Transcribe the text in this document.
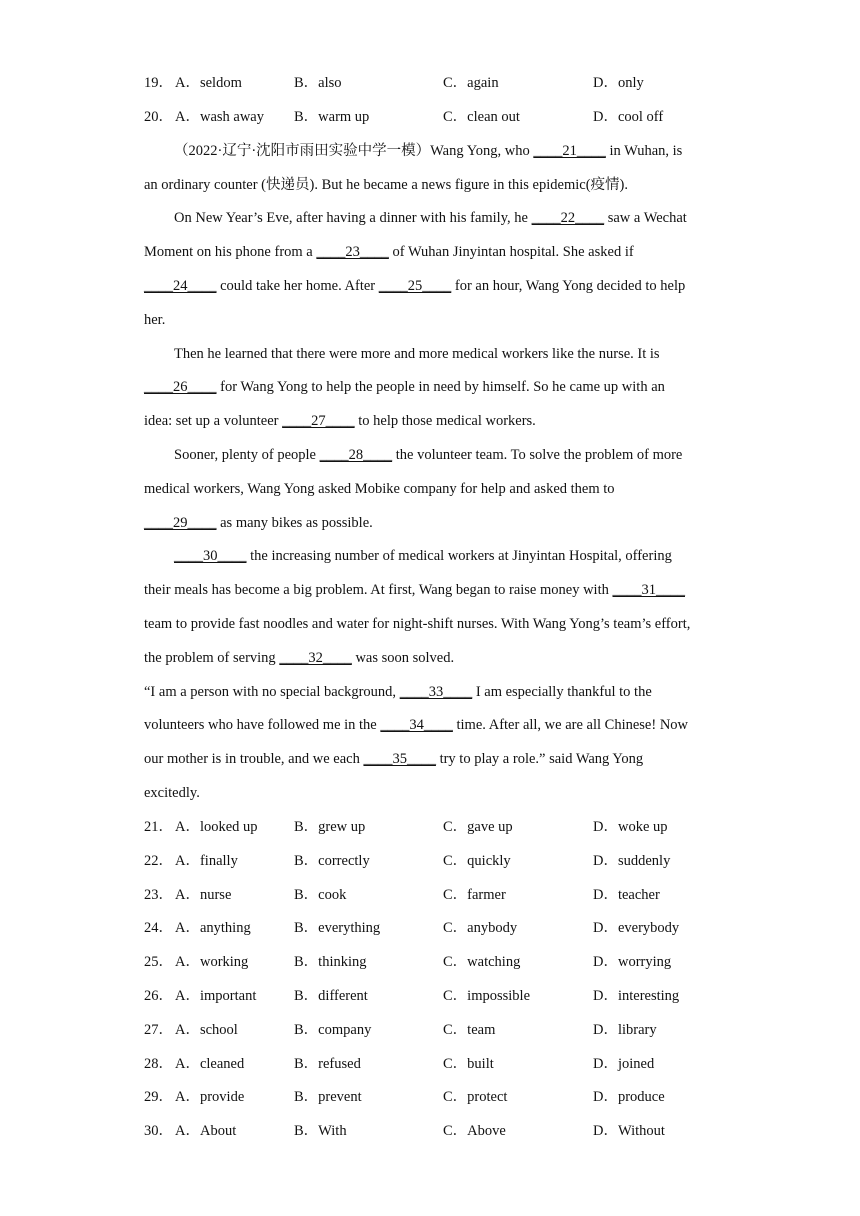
19． A．seldom	B．also	C．again	D．only
20． A．wash away B．warm up	C．clean out	D．cool off
（2022·辽宁·沈阳市雨田实验中学一模）Wang Yong, who ____21____ in Wuhan, is
an ordinary counter (快递员). But he became a news figure in this epidemic(疫情).
On New Year’s Eve, after having a dinner with his family, he ____22____ saw a Wechat
Moment on his phone from a ____23____ of Wuhan Jinyintan hospital. She asked if
____24____ could take her home. After ____25____ for an hour, Wang Yong decided to help
her.
Then he learned that there were more and more medical workers like the nurse. It is
____26____ for Wang Yong to help the people in need by himself. So he came up with an
idea: set up a volunteer ____27____ to help those medical workers.
Sooner, plenty of people ____28____ the volunteer team. To solve the problem of more
medical workers, Wang Yong asked Mobike company for help and asked them to
____29____ as many bikes as possible.
____30____ the increasing number of medical workers at Jinyintan Hospital, offering
their meals has become a big problem. At first, Wang began to raise money with ____31____
team to provide fast noodles and water for night-shift nurses. With Wang Yong’s team’s effort,
the problem of serving ____32____ was soon solved.
“I am a person with no special background, ____33____ I am especially thankful to the
volunteers who have followed me in the ____34____ time. After all, we are all Chinese! Now
our mother is in trouble, and we each ____35____ try to play a role.” said Wang Yong
excitedly.
21． A．looked up	B．grew up	C．gave up	D．woke up
22． A．finally	B．correctly	C．quickly	D．suddenly
23． A．nurse	B．cook	C．farmer	D．teacher
24． A．anything	B．everything	C．anybody	D．everybody
25． A．working	B．thinking	C．watching	D．worrying
26． A．important	B．different	C．impossible	D．interesting
27． A．school	B．company	C．team	D．library
28． A．cleaned	B．refused	C．built	D．joined
29． A．provide	B．prevent	C．protect	D．produce
30． A．About	B．With	C．Above	D．Without
